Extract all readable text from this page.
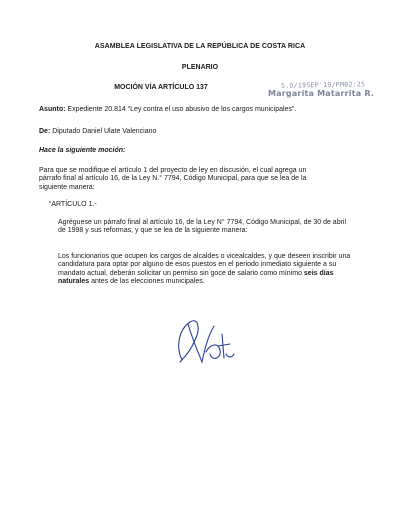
ASAMBLEA LEGISLATIVA DE LA REPÚBLICA DE COSTA RICA
PLENARIO
MOCIÓN VÍA ARTÍCULO 137	S.D/19SEP'19/PM02:25
Margarita Matarrita R.
Asunto: Expediente 20.814 “Ley contra el uso abusivo de los cargos municipales”.
De: Diputado Daniel Ulate Valenciano
Hace la siguiente moción:
Para que se modifique el artículo 1 del proyecto de ley en discusión, el cual agrega un
párrafo final al artículo 16, de la Ley N.° 7794, Código Municipal, para que se lea de la
siguiente manera:
“ARTÍCULO 1.-
Agréguese un párrafo final al artículo 16, de la Ley N° 7794, Código Municipal, de 30 de abril
de 1998 y sus reformas, y que se lea de la siguiente manera:
Los funcionarios que ocupen los cargos de alcaldes o vicealcaldes, y que deseen inscribir una
candidatura para optar por alguno de esos puestos en el periodo inmediato siguiente a su
mandato actual, deberán solicitar un permiso sin goce de salario como mínimo seis días
naturales antes de las elecciones municipales.
